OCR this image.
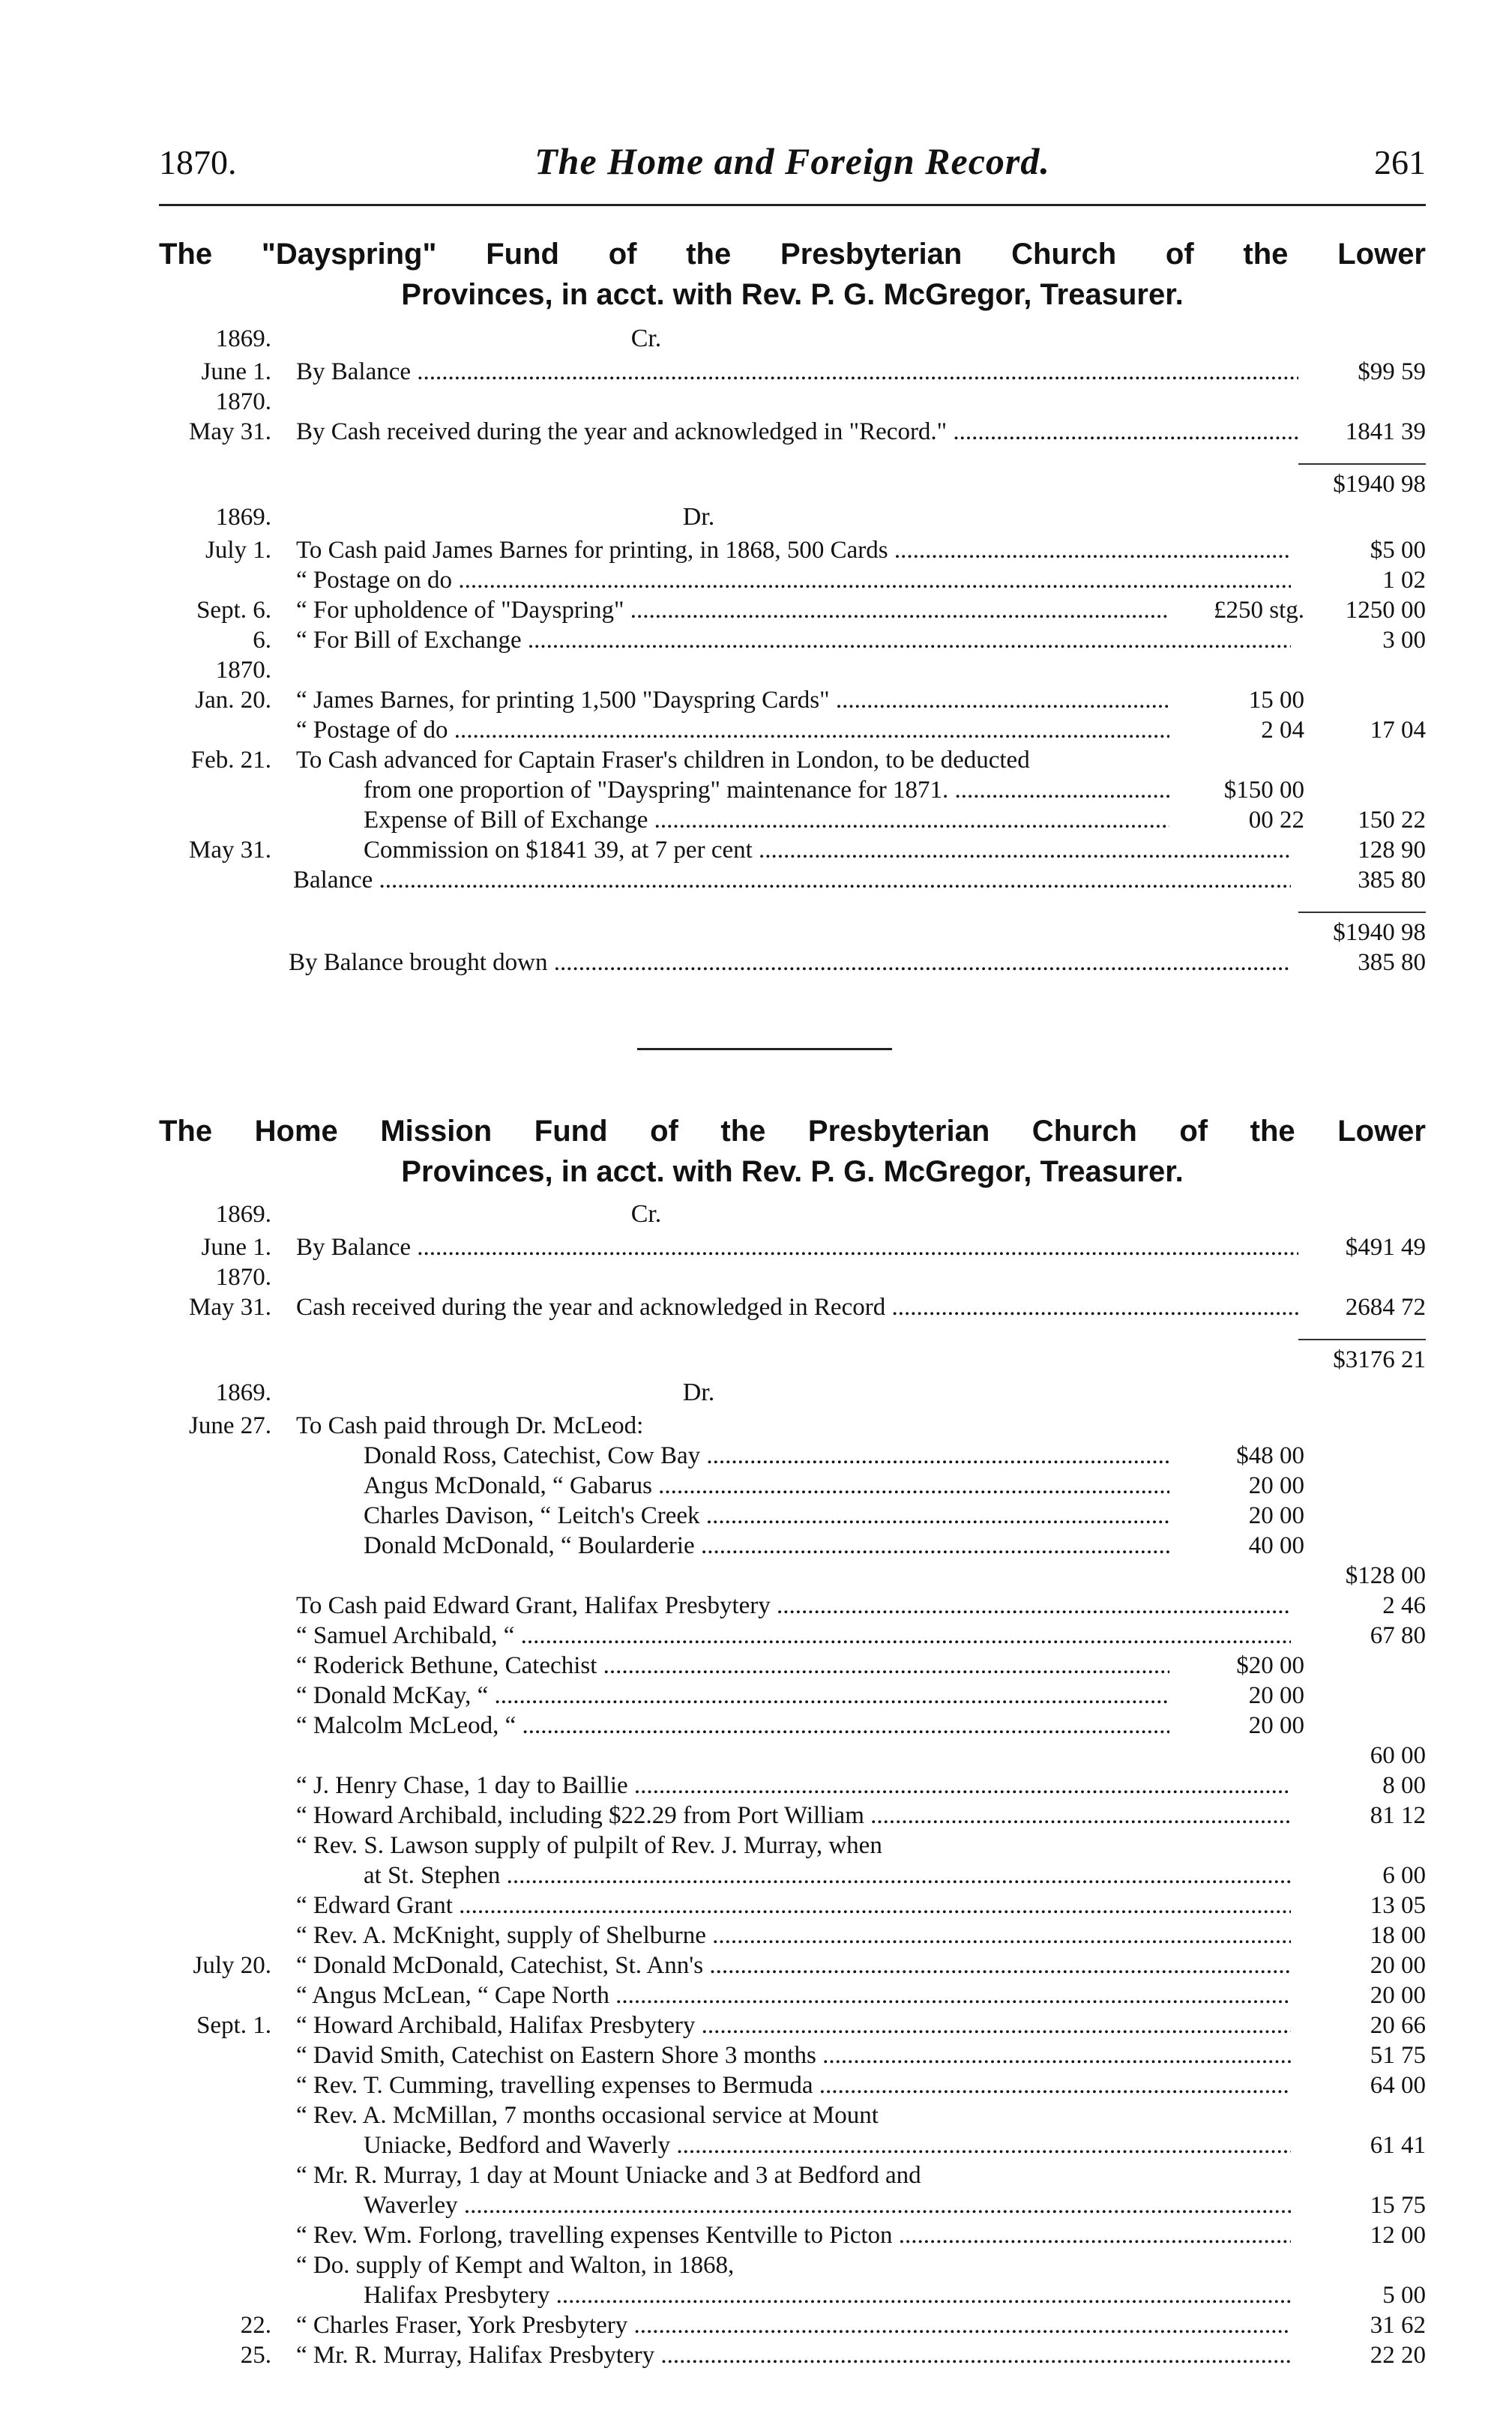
1870.	The Home and Foreign Record.	261
The "Dayspring" Fund of the Presbyterian Church of the Lower
Provinces, in acct. with Rev. P. G. McGregor, Treasurer.
1869.	Cr.
June 1. By Balance .....	$99 59
1870.
May 31. By Cash received during the year and acknowledged in "Record." .....	1841 39
$1940 98
1869.	Dr.
July 1. To Cash paid James Barnes for printing, in 1868, 500 Cards .....	$5 00
“ Postage on do .....	1 02
Sept. 6. “ For upholdence of "Dayspring" .....	£250 stg.	1250 00
6. “ For Bill of Exchange .....	3 00
1870.
Jan. 20. “ James Barnes, for printing 1,500 "Dayspring Cards" .....	15 00
“ Postage of do .....	2 04	17 04
Feb. 21. To Cash advanced for Captain Fraser's children in London, to be deducted
from one proportion of "Dayspring" maintenance for 1871. .....	$150 00
Expense of Bill of Exchange .....	00 22	150 22
May 31.	Commission on $1841 39, at 7 per cent .....	128 90
Balance .....	385 80
$1940 98
By Balance brought down .....	385 80
The Home Mission Fund of the Presbyterian Church of the Lower
Provinces, in acct. with Rev. P. G. McGregor, Treasurer.
1869.	Cr.
June 1. By Balance .....	$491 49
1870.
May 31. Cash received during the year and acknowledged in Record .....	2684 72
$3176 21
1869.	Dr.
June 27. To Cash paid through Dr. McLeod:
Donald Ross, Catechist, Cow Bay .....	$48 00
Angus McDonald, “ Gabarus .....	20 00
Charles Davison, “ Leitch's Creek .....	20 00
Donald McDonald, “ Boularderie .....	40 00
$128 00
To Cash paid Edward Grant, Halifax Presbytery .....	2 46
“ Samuel Archibald, “ .....	67 80
“ Roderick Bethune, Catechist .....	$20 00
“ Donald McKay, “ .....	20 00
“ Malcolm McLeod, “ .....	20 00
60 00
“ J. Henry Chase, 1 day to Baillie .....	8 00
“ Howard Archibald, including $22.29 from Port William .....	81 12
“ Rev. S. Lawson supply of pulpilt of Rev. J. Murray, when
at St. Stephen .....	6 00
“ Edward Grant .....	13 05
“ Rev. A. McKnight, supply of Shelburne .....	18 00
July 20. “ Donald McDonald, Catechist, St. Ann's .....	20 00
“ Angus McLean, “ Cape North .....	20 00
Sept. 1. “ Howard Archibald, Halifax Presbytery .....	20 66
“ David Smith, Catechist on Eastern Shore 3 months .....	51 75
“ Rev. T. Cumming, travelling expenses to Bermuda .....	64 00
“ Rev. A. McMillan, 7 months occasional service at Mount
Uniacke, Bedford and Waverly .....	61 41
“ Mr. R. Murray, 1 day at Mount Uniacke and 3 at Bedford and
Waverley .....	15 75
“ Rev. Wm. Forlong, travelling expenses Kentville to Picton .....	12 00
“ Do. supply of Kempt and Walton, in 1868,
Halifax Presbytery .....	5 00
22. “ Charles Fraser, York Presbytery .....	31 62
25. “ Mr. R. Murray, Halifax Presbytery .....	22 20
